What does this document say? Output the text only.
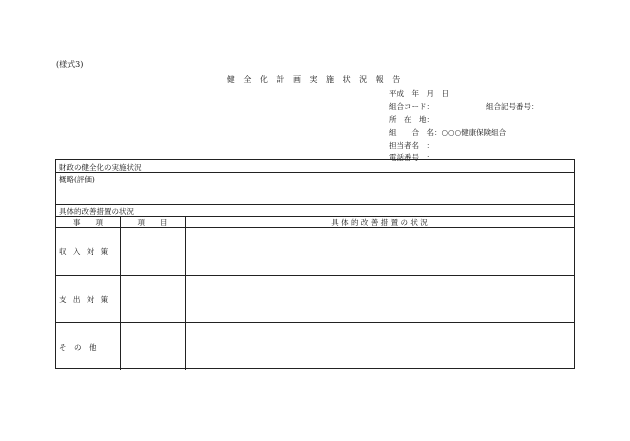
(様式3)
健 全 化 計 画 実 施 状 況 報 告
平成　年　月　日
組合コード：	組合記号番号：
所　在　地：
組　　合　名：○○○健康保険組合
担当者名　：
電話番号　：
財政の健全化の実施状況
概略(評価)
具体的改善措置の状況
事　　項	項　　目	具 体 的 改 善 措 置 の 状 況
収 入 対 策
支 出 対 策
そ　の　他
